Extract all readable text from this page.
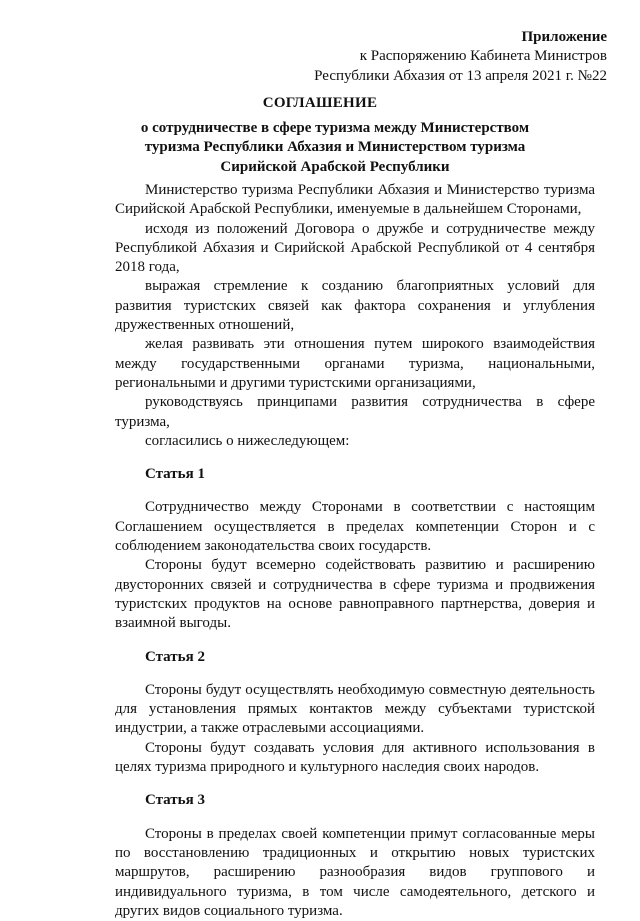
Приложение
к Распоряжению Кабинета Министров
Республики Абхазия от 13 апреля 2021 г. №22
СОГЛАШЕНИЕ
о сотрудничестве в сфере туризма между Министерством туризма Республики Абхазия и Министерством туризма Сирийской Арабской Республики

Министерство туризма Республики Абхазия и Министерство туризма Сирийской Арабской Республики, именуемые в дальнейшем Сторонами,

исходя из положений Договора о дружбе и сотрудничестве между Республикой Абхазия и Сирийской Арабской Республикой от 4 сентября 2018 года,

выражая стремление к созданию благоприятных условий для развития туристских связей как фактора сохранения и углубления дружественных отношений,

желая развивать эти отношения путем широкого взаимодействия между государственными органами туризма, национальными, региональными и другими туристскими организациями,

руководствуясь принципами развития сотрудничества в сфере туризма,

согласились о нижеследующем:

Статья 1

Сотрудничество между Сторонами в соответствии с настоящим Соглашением осуществляется в пределах компетенции Сторон и с соблюдением законодательства своих государств.

Стороны будут всемерно содействовать развитию и расширению двусторонних связей и сотрудничества в сфере туризма и продвижения туристских продуктов на основе равноправного партнерства, доверия и взаимной выгоды.

Статья 2

Стороны будут осуществлять необходимую совместную деятельность для установления прямых контактов между субъектами туристской индустрии, а также отраслевыми ассоциациями.

Стороны будут создавать условия для активного использования в целях туризма природного и культурного наследия своих народов.

Статья 3

Стороны в пределах своей компетенции примут согласованные меры по восстановлению традиционных и открытию новых туристских маршрутов, расширению разнообразия видов группового и индивидуального туризма, в том числе самодеятельного, детского и других видов социального туризма.
